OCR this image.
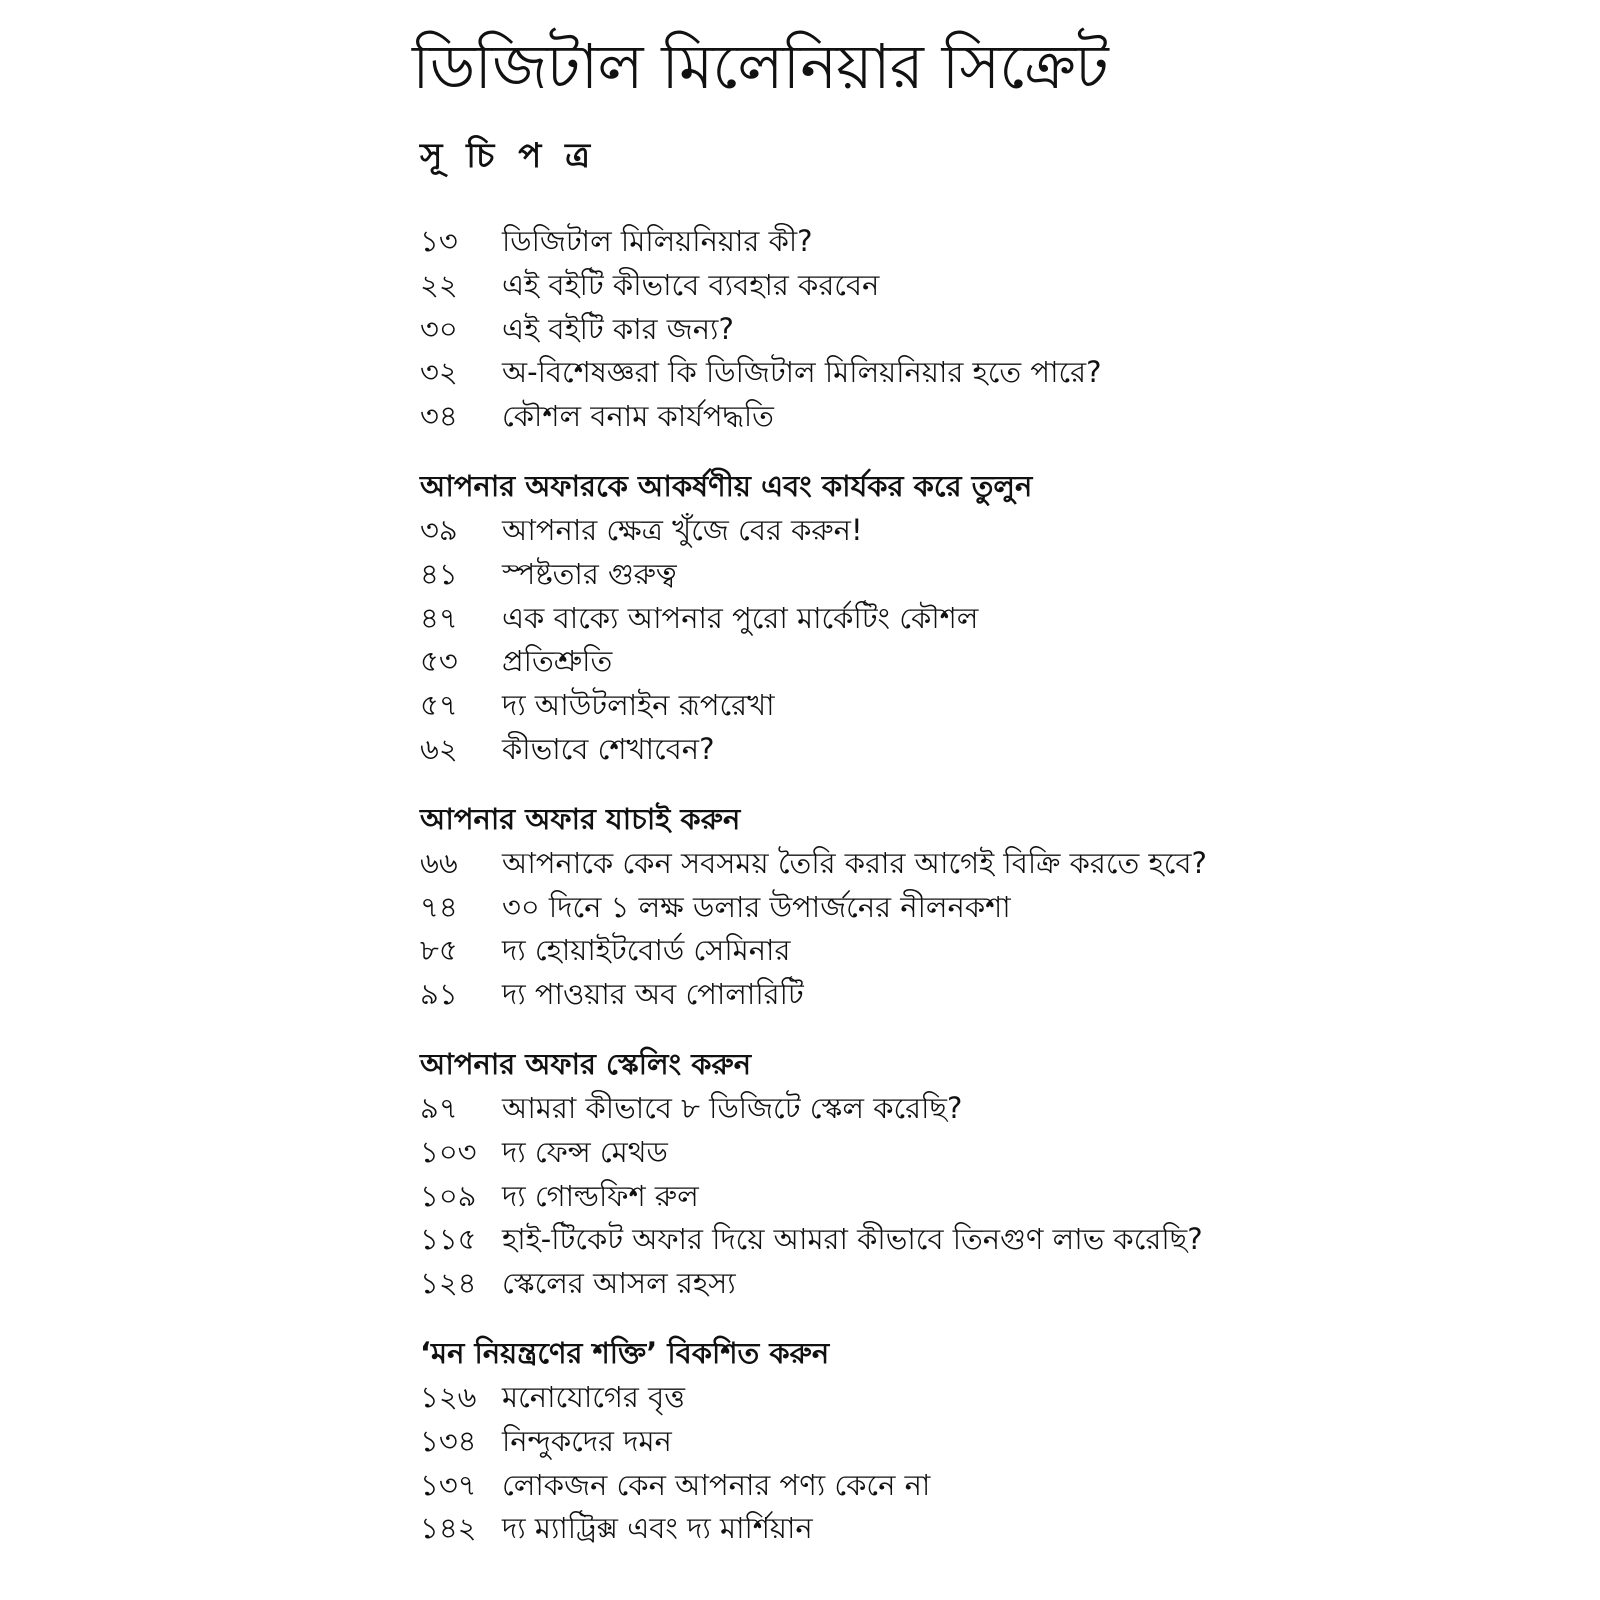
ডিজিটাল মিলেনিয়ার সিক্রেট
সূ চি প ত্র
১৩	ডিজিটাল মিলিয়নিয়ার কী?
২২	এই বইটি কীভাবে ব্যবহার করবেন
৩০	এই বইটি কার জন্য?
৩২	অ-বিশেষজ্ঞরা কি ডিজিটাল মিলিয়নিয়ার হতে পারে?
৩৪	কৌশল বনাম কার্যপদ্ধতি
আপনার অফারকে আকর্ষণীয় এবং কার্যকর করে তুলুন
৩৯	আপনার ক্ষেত্র খুঁজে বের করুন!
৪১	স্পষ্টতার গুরুত্ব
৪৭	এক বাক্যে আপনার পুরো মার্কেটিং কৌশল
৫৩	প্রতিশ্রুতি
৫৭	দ্য আউটলাইন রূপরেখা
৬২	কীভাবে শেখাবেন?
আপনার অফার যাচাই করুন
৬৬	আপনাকে কেন সবসময় তৈরি করার আগেই বিক্রি করতে হবে?
৭৪	৩০ দিনে ১ লক্ষ ডলার উপার্জনের নীলনকশা
৮৫	দ্য হোয়াইটবোর্ড সেমিনার
৯১	দ্য পাওয়ার অব পোলারিটি
আপনার অফার স্কেলিং করুন
৯৭	আমরা কীভাবে ৮ ডিজিটে স্কেল করেছি?
১০৩ দ্য ফেন্স মেথড
১০৯ দ্য গোল্ডফিশ রুল
১১৫ হাই-টিকেট অফার দিয়ে আমরা কীভাবে তিনগুণ লাভ করেছি?
১২৪ স্কেলের আসল রহস্য
‘মন নিয়ন্ত্রণের শক্তি’ বিকশিত করুন
১২৬ মনোযোগের বৃত্ত
১৩৪ নিন্দুকদের দমন
১৩৭ লোকজন কেন আপনার পণ্য কেনে না
১৪২ দ্য ম্যাট্রিক্স এবং দ্য মার্শিয়ান
